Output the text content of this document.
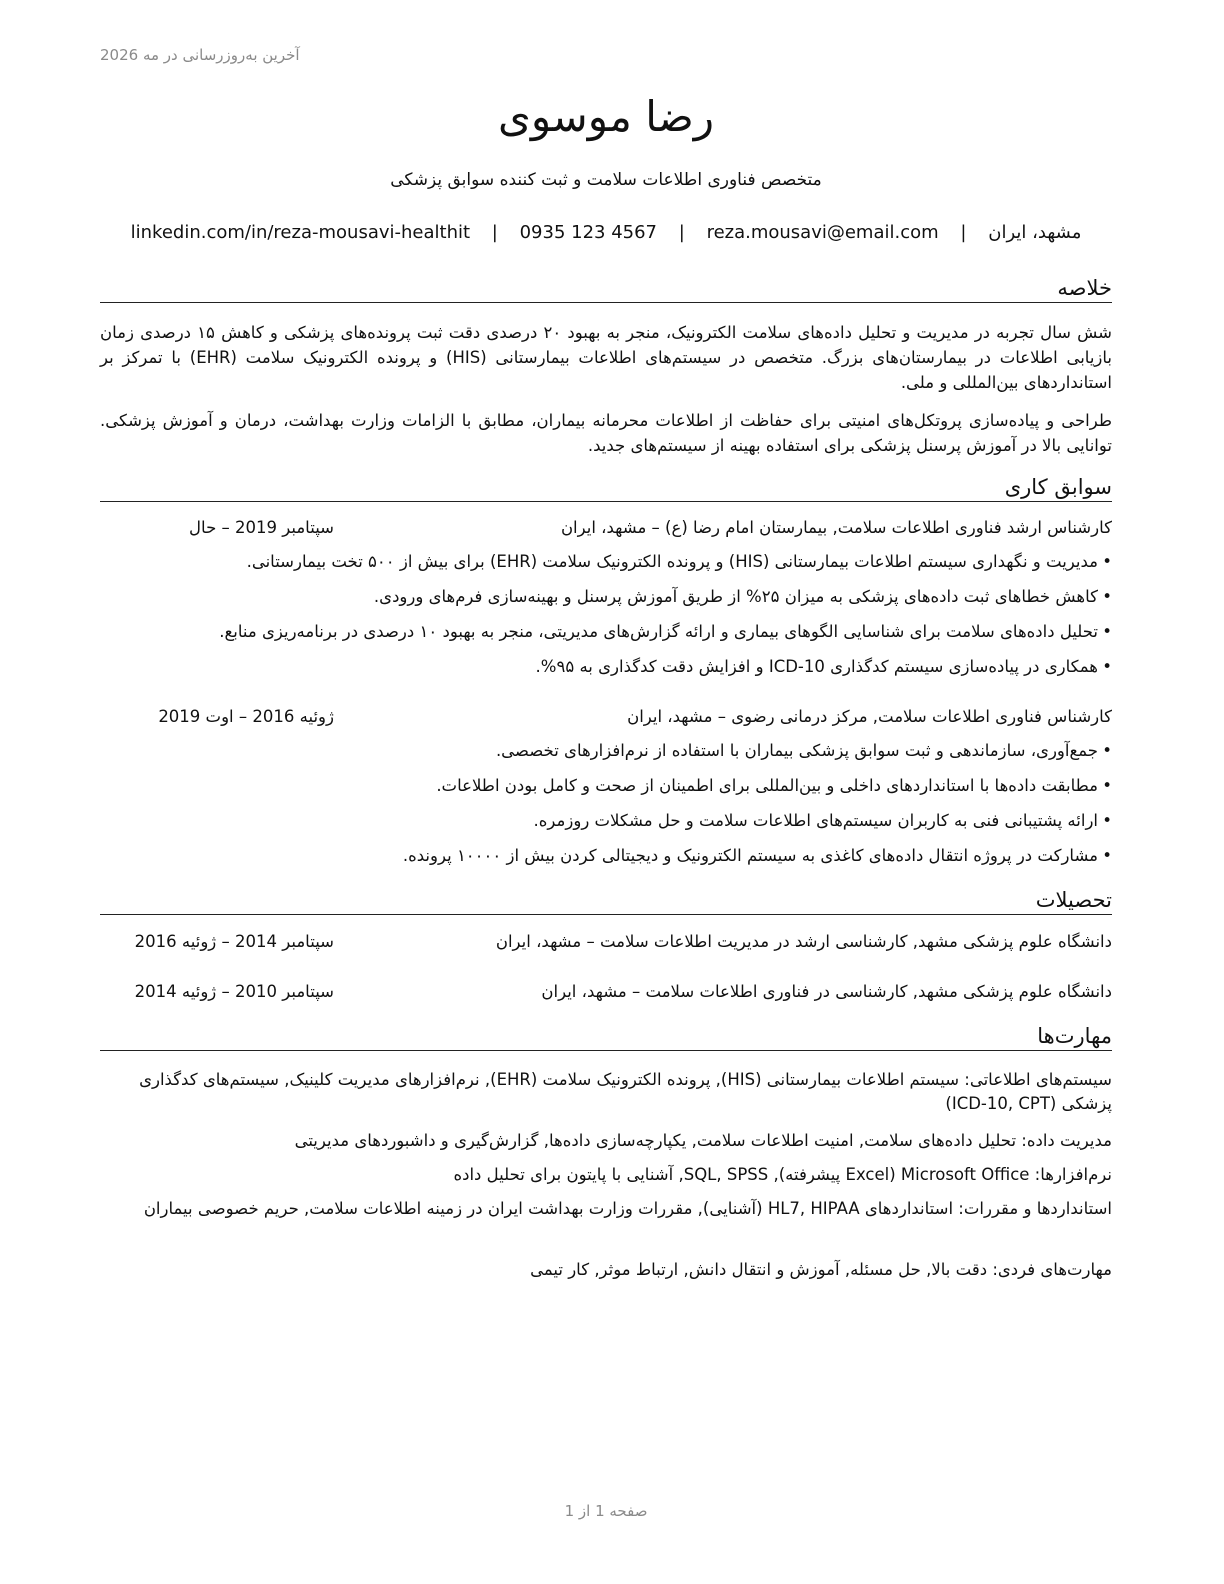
آخرین به‌روزرسانی در مه 2026
رضا موسوی
متخصص فناوری اطلاعات سلامت و ثبت کننده سوابق پزشکی
مشهد، ایران | reza.mousavi@email.com | 0935 123 4567 | linkedin.com/in/reza-mousavi-healthit
خلاصه
شش سال تجربه در مدیریت و تحلیل داده‌های سلامت الکترونیک، منجر به بهبود ۲۰ درصدی دقت ثبت پرونده‌های پزشکی و کاهش ۱۵ درصدی زمان بازیابی اطلاعات در بیمارستان‌های بزرگ. متخصص در سیستم‌های اطلاعات بیمارستانی (HIS) و پرونده الکترونیک سلامت (EHR) با تمرکز بر استانداردهای بین‌المللی و ملی.
طراحی و پیاده‌سازی پروتکل‌های امنیتی برای حفاظت از اطلاعات محرمانه بیماران، مطابق با الزامات وزارت بهداشت، درمان و آموزش پزشکی. توانایی بالا در آموزش پرسنل پزشکی برای استفاده بهینه از سیستم‌های جدید.
سوابق کاری
کارشناس ارشد فناوری اطلاعات سلامت, بیمارستان امام رضا (ع) – مشهد، ایران
سپتامبر 2019 – حال
•مدیریت و نگهداری سیستم اطلاعات بیمارستانی (HIS) و پرونده الکترونیک سلامت (EHR) برای بیش از ۵۰۰ تخت بیمارستانی.
•کاهش خطاهای ثبت داده‌های پزشکی به میزان ۲۵% از طریق آموزش پرسنل و بهینه‌سازی فرم‌های ورودی.
•تحلیل داده‌های سلامت برای شناسایی الگوهای بیماری و ارائه گزارش‌های مدیریتی، منجر به بهبود ۱۰ درصدی در برنامه‌ریزی منابع.
•همکاری در پیاده‌سازی سیستم کدگذاری ICD-10 و افزایش دقت کدگذاری به ۹۵%.
کارشناس فناوری اطلاعات سلامت, مرکز درمانی رضوی – مشهد، ایران
ژوئیه 2016 – اوت 2019
•جمع‌آوری، سازماندهی و ثبت سوابق پزشکی بیماران با استفاده از نرم‌افزارهای تخصصی.
•مطابقت داده‌ها با استانداردهای داخلی و بین‌المللی برای اطمینان از صحت و کامل بودن اطلاعات.
•ارائه پشتیبانی فنی به کاربران سیستم‌های اطلاعات سلامت و حل مشکلات روزمره.
•مشارکت در پروژه انتقال داده‌های کاغذی به سیستم الکترونیک و دیجیتالی کردن بیش از ۱۰۰۰۰ پرونده.
تحصیلات
دانشگاه علوم پزشکی مشهد, کارشناسی ارشد در مدیریت اطلاعات سلامت – مشهد، ایران
سپتامبر 2014 – ژوئیه 2016
دانشگاه علوم پزشکی مشهد, کارشناسی در فناوری اطلاعات سلامت – مشهد، ایران
سپتامبر 2010 – ژوئیه 2014
مهارت‌ها
سیستم‌های اطلاعاتی: سیستم اطلاعات بیمارستانی (HIS), پرونده الکترونیک سلامت (EHR), نرم‌افزارهای مدیریت کلینیک, سیستم‌های کدگذاری پزشکی (ICD-10, CPT)
مدیریت داده: تحلیل داده‌های سلامت, امنیت اطلاعات سلامت, یکپارچه‌سازی داده‌ها, گزارش‌گیری و داشبوردهای مدیریتی
نرم‌افزارها: Microsoft Office (Excel پیشرفته), SQL, SPSS, آشنایی با پایتون برای تحلیل داده
استانداردها و مقررات: استانداردهای HL7, HIPAA (آشنایی), مقررات وزارت بهداشت ایران در زمینه اطلاعات سلامت, حریم خصوصی بیماران
مهارت‌های فردی: دقت بالا, حل مسئله, آموزش و انتقال دانش, ارتباط موثر, کار تیمی
صفحه 1 از 1
